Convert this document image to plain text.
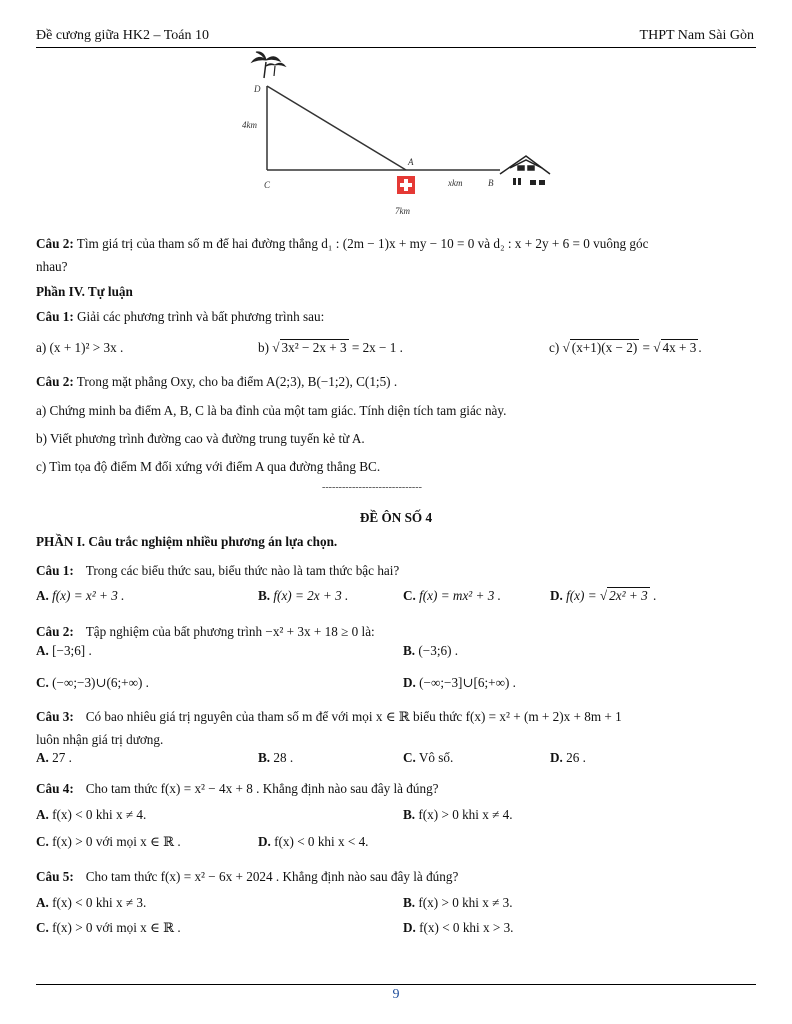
Đề cương giữa HK2 – Toán 10	THPT Nam Sài Gòn
D
4km
C
A
xkm	B
7km
Câu 2: Tìm giá trị của tham số m để hai đường thẳng d₁ : (2m − 1)x + my − 10 = 0 và d₂ : x + 2y + 6 = 0 vuông góc
nhau?
Phần IV. Tự luận
Câu 1: Giải các phương trình và bất phương trình sau:
a) (x + 1)² > 3x .	b) √ 3x² − 2x + 3 = 2x − 1 .	c) √ (x+1)(x − 2) = √ 4x + 3 .
Câu 2: Trong mặt phẳng Oxy, cho ba điểm A(2;3), B(−1;2), C(1;5) .
a) Chứng minh ba điểm A, B, C là ba đỉnh của một tam giác. Tính diện tích tam giác này.
b) Viết phương trình đường cao và đường trung tuyến kẻ từ A.
c) Tìm tọa độ điểm M đối xứng với điểm A qua đường thẳng BC.
------------------------------
ĐỀ ÔN SỐ 4
PHẦN I. Câu trắc nghiệm nhiều phương án lựa chọn.
Câu 1: Trong các biểu thức sau, biểu thức nào là tam thức bậc hai?
A. f(x) = x² + 3 .	B. f(x) = 2x + 3 .	C. f(x) = mx² + 3 .	D. f(x) = √ 2x² + 3 .
Câu 2: Tập nghiệm của bất phương trình −x² + 3x + 18 ≥ 0 là:
A. [−3;6] .	B. (−3;6) .
C. (−∞;−3)∪(6;+∞) .	D. (−∞;−3]∪[6;+∞) .
Câu 3: Có bao nhiêu giá trị nguyên của tham số m để với mọi x ∈ ℝ biểu thức f(x) = x² + (m + 2)x + 8m + 1
luôn nhận giá trị dương.
A. 27 .	B. 28 .	C. Vô số.	D. 26 .
Câu 4: Cho tam thức f(x) = x² − 4x + 8 . Khẳng định nào sau đây là đúng?
A. f(x) < 0 khi x ≠ 4.	B. f(x) > 0 khi x ≠ 4.
C. f(x) > 0 với mọi x ∈ ℝ .	D. f(x) < 0 khi x < 4.
Câu 5: Cho tam thức f(x) = x² − 6x + 2024 . Khẳng định nào sau đây là đúng?
A. f(x) < 0 khi x ≠ 3.	B. f(x) > 0 khi x ≠ 3.
C. f(x) > 0 với mọi x ∈ ℝ .	D. f(x) < 0 khi x > 3.
9
